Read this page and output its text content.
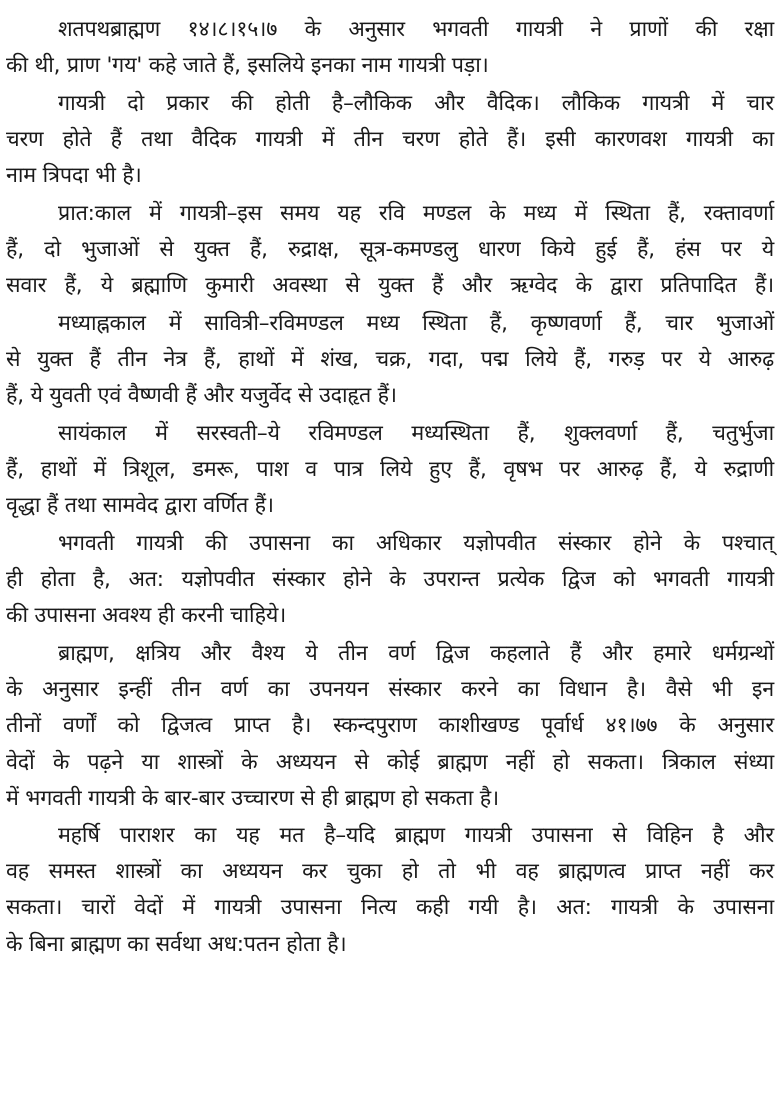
शतपथब्राह्मण १४।८।१५।७ के अनुसार भगवती गायत्री ने प्राणों की रक्षा
की थी, प्राण 'गय' कहे जाते हैं, इसलिये इनका नाम गायत्री पड़ा।
गायत्री दो प्रकार की होती है–लौकिक और वैदिक। लौकिक गायत्री में चार
चरण होते हैं तथा वैदिक गायत्री में तीन चरण होते हैं। इसी कारणवश गायत्री का
नाम त्रिपदा भी है।
प्रात:काल में गायत्री–इस समय यह रवि मण्डल के मध्य में स्थिता हैं, रक्तावर्णा
हैं, दो भुजाओं से युक्त हैं, रुद्राक्ष, सूत्र-कमण्डलु धारण किये हुई हैं, हंस पर ये
सवार हैं, ये ब्रह्माणि कुमारी अवस्था से युक्त हैं और ऋग्वेद के द्वारा प्रतिपादित हैं।
मध्याह्नकाल में सावित्री–रविमण्डल मध्य स्थिता हैं, कृष्णवर्णा हैं, चार भुजाओं
से युक्त हैं तीन नेत्र हैं, हाथों में शंख, चक्र, गदा, पद्म लिये हैं, गरुड़ पर ये आरुढ़
हैं, ये युवती एवं वैष्णवी हैं और यजुर्वेद से उदाहृत हैं।
सायंकाल में सरस्वती–ये रविमण्डल मध्यस्थिता हैं, शुक्लवर्णा हैं, चतुर्भुजा
हैं, हाथों में त्रिशूल, डमरू, पाश व पात्र लिये हुए हैं, वृषभ पर आरुढ़ हैं, ये रुद्राणी
वृद्धा हैं तथा सामवेद द्वारा वर्णित हैं।
भगवती गायत्री की उपासना का अधिकार यज्ञोपवीत संस्कार होने के पश्चात्
ही होता है, अत: यज्ञोपवीत संस्कार होने के उपरान्त प्रत्येक द्विज को भगवती गायत्री
की उपासना अवश्य ही करनी चाहिये।
ब्राह्मण, क्षत्रिय और वैश्य ये तीन वर्ण द्विज कहलाते हैं और हमारे धर्मग्रन्थों
के अनुसार इन्हीं तीन वर्ण का उपनयन संस्कार करने का विधान है। वैसे भी इन
तीनों वर्णों को द्विजत्व प्राप्त है। स्कन्दपुराण काशीखण्ड पूर्वार्ध ४१।७७ के अनुसार
वेदों के पढ़ने या शास्त्रों के अध्ययन से कोई ब्राह्मण नहीं हो सकता। त्रिकाल संध्या
में भगवती गायत्री के बार-बार उच्चारण से ही ब्राह्मण हो सकता है।
महर्षि पाराशर का यह मत है–यदि ब्राह्मण गायत्री उपासना से विहिन है और
वह समस्त शास्त्रों का अध्ययन कर चुका हो तो भी वह ब्राह्मणत्व प्राप्त नहीं कर
सकता। चारों वेदों में गायत्री उपासना नित्य कही गयी है। अत: गायत्री के उपासना
के बिना ब्राह्मण का सर्वथा अध:पतन होता है।
